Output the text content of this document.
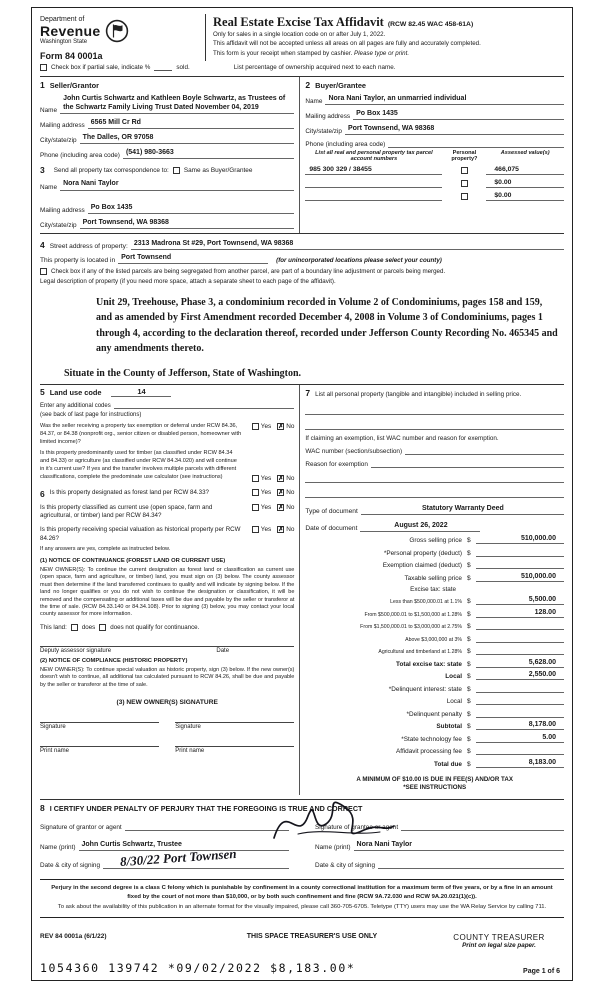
Department of
Revenue
Washington State
Form 84 0001a
Real Estate Excise Tax Affidavit (RCW 82.45 WAC 458-61A)
Only for sales in a single location code on or after July 1, 2022.
This affidavit will not be accepted unless all areas on all pages are fully and accurately completed.
This form is your receipt when stamped by cashier. Please type or print.
Check box if partial sale, indicate %	sold.	List percentage of ownership acquired next to each name.
1 Seller/Grantor
Name
John Curtis Schwartz and Kathleen Boyle Schwartz, as Trustees of the Schwartz Family Living Trust Dated November 04, 2019
Mailing address 6565 Mill Cr Rd
City/state/zip The Dalles, OR 97058
Phone (including area code) (541) 980-3663
3 Send all property tax correspondence to: Same as Buyer/Grantee
Name Nora Nani Taylor
Mailing address Po Box 1435
City/state/zip Port Townsend, WA 98368
2 Buyer/Grantee
Name Nora Nani Taylor, an unmarried individual
Mailing address Po Box 1435
City/state/zip Port Townsend, WA 98368
Phone (including area code)
List all real and personal property tax parcel account numbers
Personal property?
Assessed value(s)
985 300 329 / 38455	466,075
$0.00
$0.00
4 Street address of property: 2313 Madrona St #29, Port Townsend, WA 98368
This property is located in Port Townsend	(for unincorporated locations please select your county)
Check box if any of the listed parcels are being segregated from another parcel, are part of a boundary line adjustment or parcels being merged.
Legal description of property (if you need more space, attach a separate sheet to each page of the affidavit).
Unit 29, Treehouse, Phase 3, a condominium recorded in Volume 2 of Condominiums, pages 158 and 159, and as amended by First Amendment recorded December 4, 2008 in Volume 3 of Condominiums, pages 1 through 4, according to the declaration thereof, recorded under Jefferson County Recording No. 465345 and any amendments thereto.
Situate in the County of Jefferson, State of Washington.
5 Land use code	14
Enter any additional codes
(see back of last page for instructions)
Was the seller receiving a property tax exemption or deferral under RCW 84.36, 84.37, or 84.38 (nonprofit org., senior citizen or disabled person, homeowner with limited income)?
Yes ✗ No
Is this property predominantly used for timber (as classified under RCW 84.34 and 84.33) or agriculture (as classified under RCW 84.34.020) and will continue in it's current use? If yes and the transfer involves multiple parcels with different classifications, complete the predominate use calculator (see instructions)	Yes ✗ No
6 Is this property designated as forest land per RCW 84.33?	Yes ✗ No
Is this property classified as current use (open space, farm and agricultural, or timber) land per RCW 84.34?
Yes ✗ No
Is this property receiving special valuation as historical property per RCW 84.26?
Yes ✗ No
If any answers are yes, complete as instructed below.
(1) NOTICE OF CONTINUANCE (FOREST LAND OR CURRENT USE)
NEW OWNER(S): To continue the current designation as forest land or classification as current use (open space, farm and agriculture, or timber) land, you must sign on (3) below. The county assessor must then determine if the land transferred continues to qualify and will indicate by signing below. If the land no longer qualifies or you do not wish to continue the designation or classification, it will be removed and the compensating or additional taxes will be due and payable by the seller or transferor at the time of sale. (RCW 84.33.140 or 84.34.108). Prior to signing (3) below, you may contact your local county assessor for more information.
This land: does does not qualify for continuance.
Deputy assessor signature	Date
(2) NOTICE OF COMPLIANCE (HISTORIC PROPERTY)
NEW OWNER(S): To continue special valuation as historic property, sign (3) below. If the new owner(s) doesn't wish to continue, all additional tax calculated pursuant to RCW 84.26, shall be due and payable by the seller or transferor at the time of sale.
(3) NEW OWNER(S) SIGNATURE
Signature	Signature
Print name	Print name
7 List all personal property (tangible and intangible) included in selling price.
If claiming an exemption, list WAC number and reason for exemption.
WAC number (section/subsection)
Reason for exemption
Type of document	Statutory Warranty Deed
Date of document	August 26, 2022
Gross selling price $	510,000.00
*Personal property (deduct) $
Exemption claimed (deduct) $
Taxable selling price $	510,000.00
Excise tax: state
Less than $500,000.01 at 1.1% $	5,500.00
From $500,000.01 to $1,500,000 at 1.28% $	128.00
From $1,500,000.01 to $3,000,000 at 2.75% $
Above $3,000,000 at 3% $
Agricultural and timberland at 1.28% $
Total excise tax: state $	5,628.00
Local $	2,550.00
*Delinquent interest: state $
Local $
*Delinquent penalty $
Subtotal $	8,178.00
*State technology fee $	5.00
Affidavit processing fee $
Total due $	8,183.00
A MINIMUM OF $10.00 IS DUE IN FEE(S) AND/OR TAX
*SEE INSTRUCTIONS
8 I CERTIFY UNDER PENALTY OF PERJURY THAT THE FOREGOING IS TRUE AND CORRECT
Signature of grantor or agent
Name (print) John Curtis Schwartz, Trustee
Date & city of signing 8/30/22 Port Townsen
Signature of grantee or agent
Name (print) Nora Nani Taylor
Date & city of signing
Perjury in the second degree is a class C felony which is punishable by confinement in a county correctional institution for a maximum term of five years, or by a fine in an amount fixed by the court of not more than $10,000, or by both such confinement and fine (RCW 9A.72.030 and RCW 9A.20.021(1)(c)).
To ask about the availability of this publication in an alternate format for the visually impaired, please call 360-705-6705. Teletype (TTY) users may use the WA Relay Service by calling 711.
REV 84 0001a (6/1/22)	THIS SPACE TREASURER'S USE ONLY	COUNTY TREASURER
Print on legal size paper.
1054360 139742 *09/02/2022 $8,183.00*	Page 1 of 6
